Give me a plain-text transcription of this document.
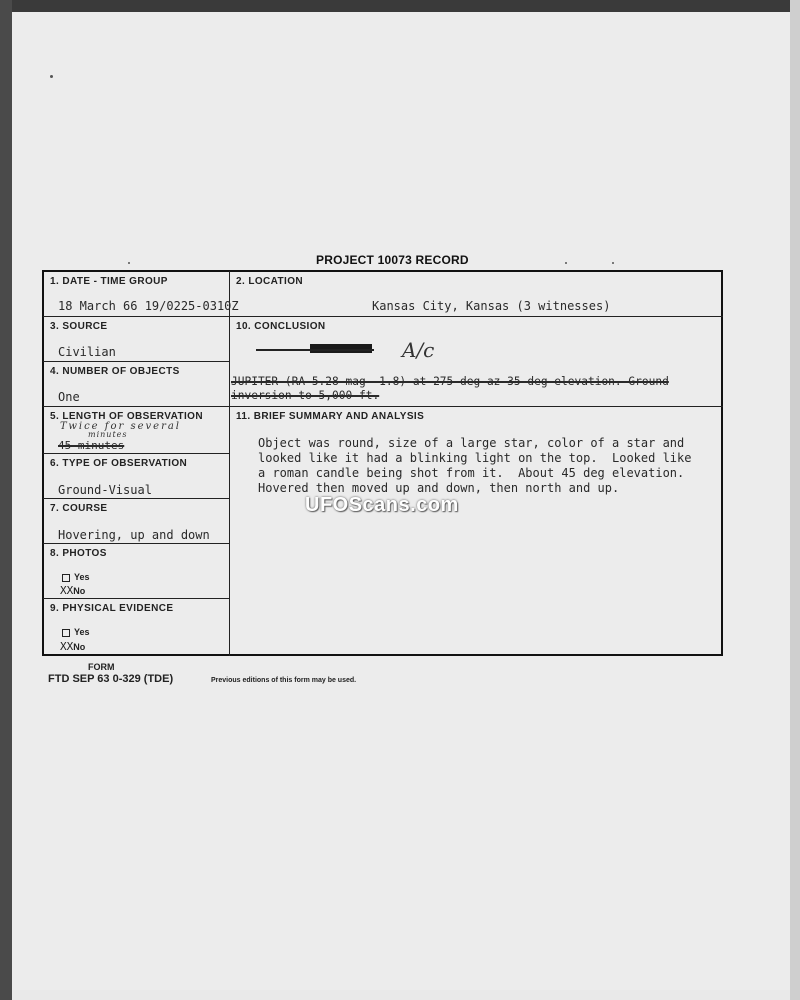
PROJECT 10073 RECORD
1. DATE - TIME GROUP
18 March 66 19/0225-0310Z
2. LOCATION
Kansas City, Kansas (3 witnesses)
3. SOURCE
Civilian
10. CONCLUSION
A/c
JUPITER (RA 5.28 mag -1.8) at 275 deg az 35 deg elevation. Ground
inversion to 5,000 ft.
4. NUMBER OF OBJECTS
One
5. LENGTH OF OBSERVATION
Twice for several
minutes
45 minutes
11. BRIEF SUMMARY AND ANALYSIS
Object was round, size of a large star, color of a star and
looked like it had a blinking light on the top.  Looked like
a roman candle being shot from it.  About 45 deg elevation.
Hovered then moved up and down, then north and up.
6. TYPE OF OBSERVATION
Ground-Visual
7. COURSE
Hovering, up and down
8. PHOTOS
Yes
XXNo
9. PHYSICAL EVIDENCE
Yes
XXNo
UFOScans.com
FORM
FTD SEP 63 0-329 (TDE)	Previous editions of this form may be used.
